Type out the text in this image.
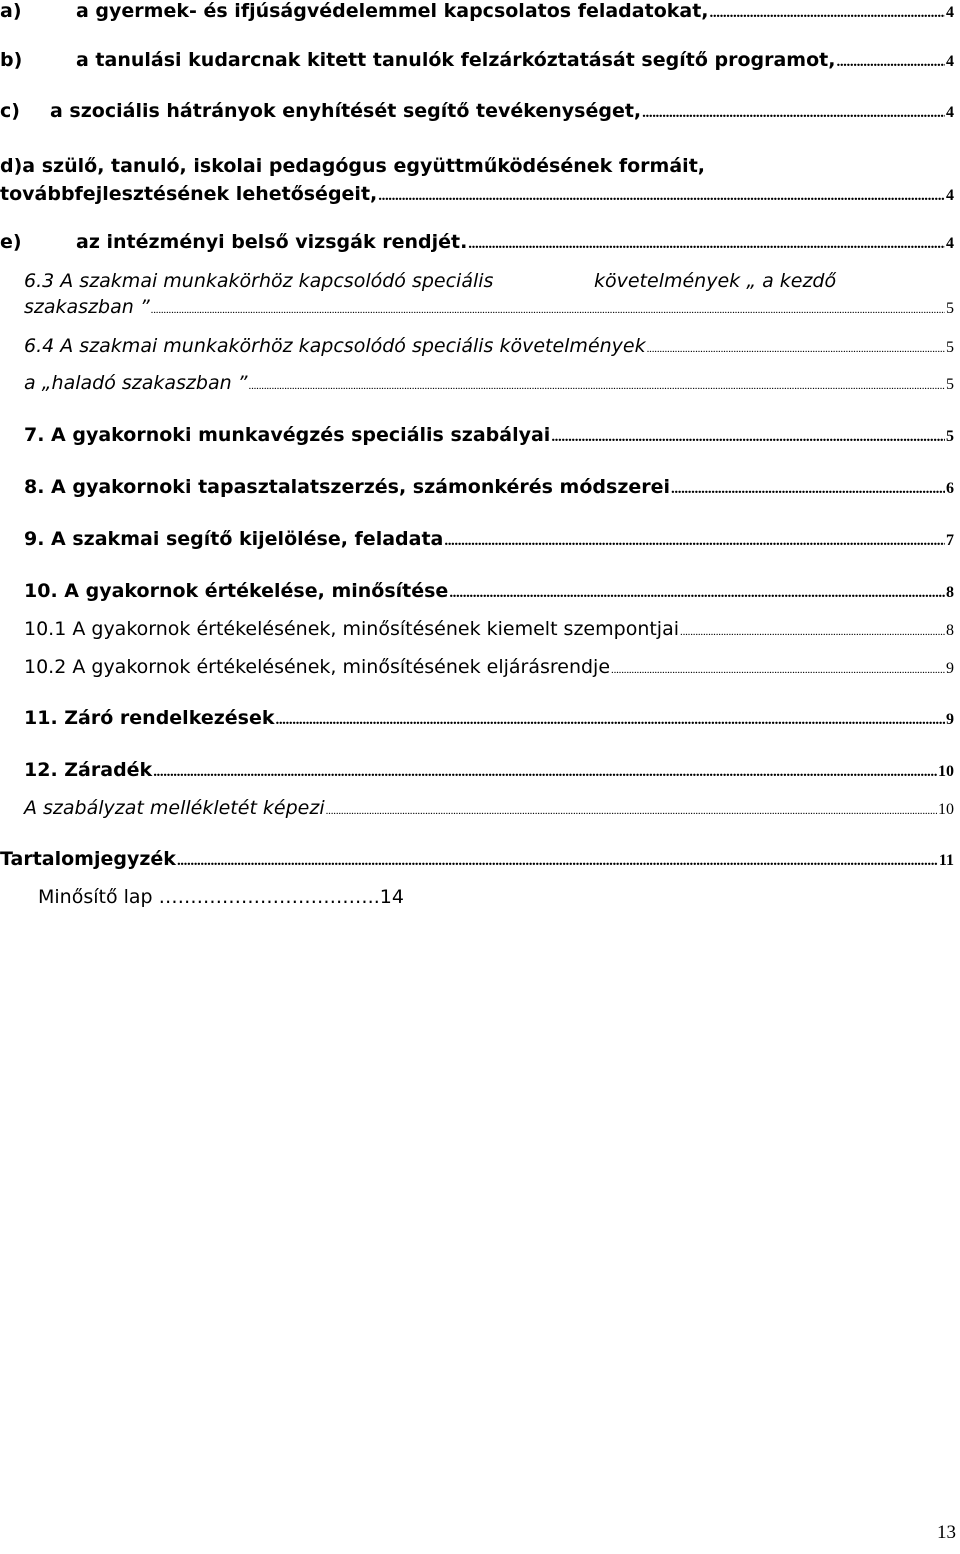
a)	a gyermek- és ifjúságvédelemmel kapcsolatos feladatokat, .....	4
b)	a tanulási kudarcnak kitett tanulók felzárkóztatását segítő programot, .....	4
c) a szociális hátrányok enyhítését segítő tevékenységet, .....	4
d)a szülő, tanuló, iskolai pedagógus együttműködésének formáit,
továbbfejlesztésének lehetőségeit, .....	4
e)	az intézményi belső vizsgák rendjét. .....	4
6.3 A szakmai munkakörhöz kapcsolódó speciális	követelmények „ a kezdő
szakaszban ” .....	5
6.4 A szakmai munkakörhöz kapcsolódó speciális követelmények .....	5
a „haladó szakaszban ” .....	5
7. A gyakornoki munkavégzés speciális szabályai .....	5
8. A gyakornoki tapasztalatszerzés, számonkérés módszerei .....	6
9. A szakmai segítő kijelölése, feladata .....	7
10. A gyakornok értékelése, minősítése .....	8
10.1 A gyakornok értékelésének, minősítésének kiemelt szempontjai .....	8
10.2 A gyakornok értékelésének, minősítésének eljárásrendje .....	9
11. Záró rendelkezések .....	9
12. Záradék .....	10
A szabályzat mellékletét képezi .....	10
Tartalomjegyzék .....	11
Minősítő lap ……………………………..14
13
